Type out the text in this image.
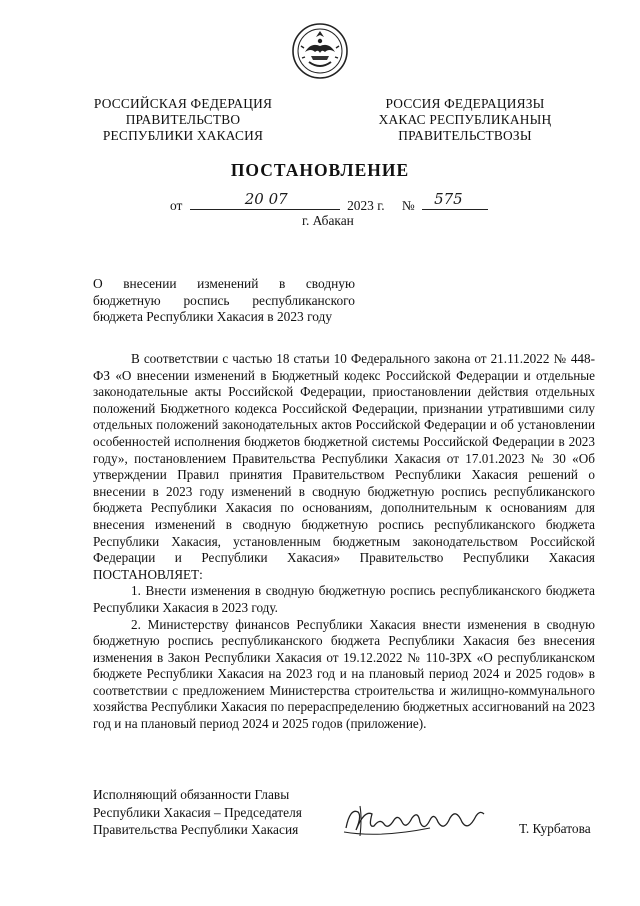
РОССИЙСКАЯ ФЕДЕРАЦИЯ
ПРАВИТЕЛЬСТВО
РЕСПУБЛИКИ ХАКАСИЯ
РОССИЯ ФЕДЕРАЦИЯЗЫ
ХАКАС РЕСПУБЛИКАНЫҢ
ПРАВИТЕЛЬСТВОЗЫ
ПОСТАНОВЛЕНИЕ
от	20 07	2023 г. № 575
г. Абакан
О внесении изменений в сводную бюджетную роспись республиканского бюджета Республики Хакасия в 2023 году

В соответствии с частью 18 статьи 10 Федерального закона от 21.11.2022 № 448-ФЗ «О внесении изменений в Бюджетный кодекс Российской Федерации и отдельные законодательные акты Российской Федерации, приостановлении действия отдельных положений Бюджетного кодекса Российской Федерации, признании утратившими силу отдельных положений законодательных актов Российской Федерации и об установлении особенностей исполнения бюджетов бюджетной системы Российской Федерации в 2023 году», постановлением Правительства Республики Хакасия от 17.01.2023 № 30 «Об утверждении Правил принятия Правительством Республики Хакасия решений о внесении в 2023 году изменений в сводную бюджетную роспись республиканского бюджета Республики Хакасия по основаниям, дополнительным к основаниям для внесения изменений в сводную бюджетную роспись республиканского бюджета Республики Хакасия, установленным бюджетным законодательством Российской Федерации и Республики Хакасия» Правительство Республики Хакасия ПОСТАНОВЛЯЕТ:

1. Внести изменения в сводную бюджетную роспись республиканского бюджета Республики Хакасия в 2023 году.

2. Министерству финансов Республики Хакасия внести изменения в сводную бюджетную роспись республиканского бюджета Республики Хакасия без внесения изменения в Закон Республики Хакасия от 19.12.2022 № 110-ЗРХ «О республиканском бюджете Республики Хакасия на 2023 год и на плановый период 2024 и 2025 годов» в соответствии с предложением Министерства строительства и жилищно-коммунального хозяйства Республики Хакасия по перераспределению бюджетных ассигнований на 2023 год и на плановый период 2024 и 2025 годов (приложение).

Исполняющий обязанности Главы
Республики Хакасия – Председателя
Правительства Республики Хакасия	Т. Курбатова
